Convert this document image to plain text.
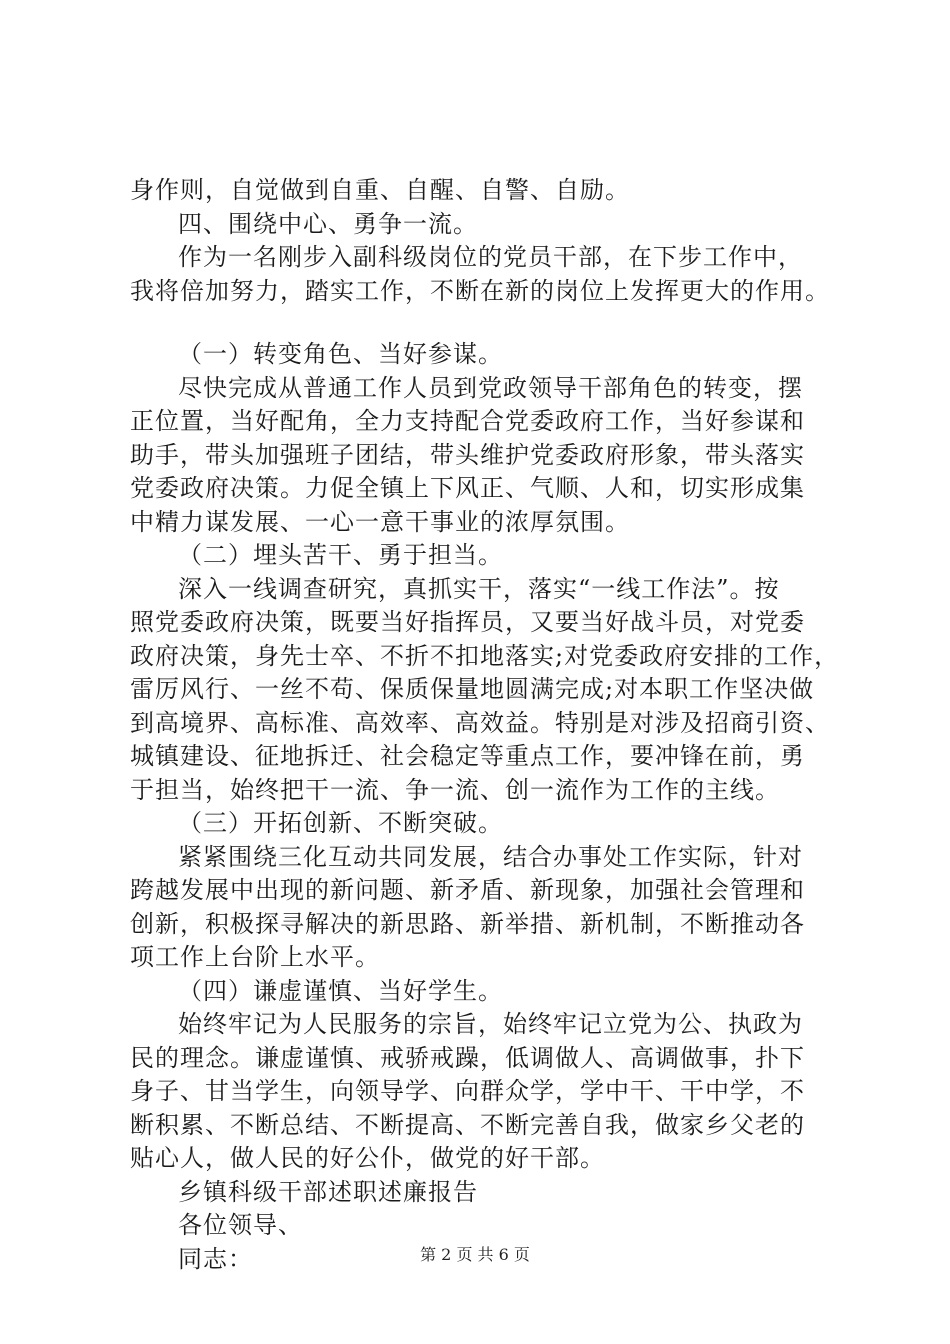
身作则，自觉做到自重、自醒、自警、自励。
四、围绕中心、勇争一流。
作为一名刚步入副科级岗位的党员干部，在下步工作中，
我将倍加努力，踏实工作，不断在新的岗位上发挥更大的作用。
（一）转变角色、当好参谋。
尽快完成从普通工作人员到党政领导干部角色的转变，摆
正位置，当好配角，全力支持配合党委政府工作，当好参谋和
助手，带头加强班子团结，带头维护党委政府形象，带头落实
党委政府决策。力促全镇上下风正、气顺、人和，切实形成集
中精力谋发展、一心一意干事业的浓厚氛围。
（二）埋头苦干、勇于担当。
深入一线调查研究，真抓实干，落实“一线工作法”。按
照党委政府决策，既要当好指挥员，又要当好战斗员，对党委
政府决策，身先士卒、不折不扣地落实;对党委政府安排的工作，
雷厉风行、一丝不苟、保质保量地圆满完成;对本职工作坚决做
到高境界、高标准、高效率、高效益。特别是对涉及招商引资、
城镇建设、征地拆迁、社会稳定等重点工作，要冲锋在前，勇
于担当，始终把干一流、争一流、创一流作为工作的主线。
（三）开拓创新、不断突破。
紧紧围绕三化互动共同发展，结合办事处工作实际，针对
跨越发展中出现的新问题、新矛盾、新现象，加强社会管理和
创新，积极探寻解决的新思路、新举措、新机制，不断推动各
项工作上台阶上水平。
（四）谦虚谨慎、当好学生。
始终牢记为人民服务的宗旨，始终牢记立党为公、执政为
民的理念。谦虚谨慎、戒骄戒躁，低调做人、高调做事，扑下
身子、甘当学生，向领导学、向群众学，学中干、干中学，不
断积累、不断总结、不断提高、不断完善自我，做家乡父老的
贴心人，做人民的好公仆，做党的好干部。
乡镇科级干部述职述廉报告
各位领导、
同志：	第 2 页 共 6 页
